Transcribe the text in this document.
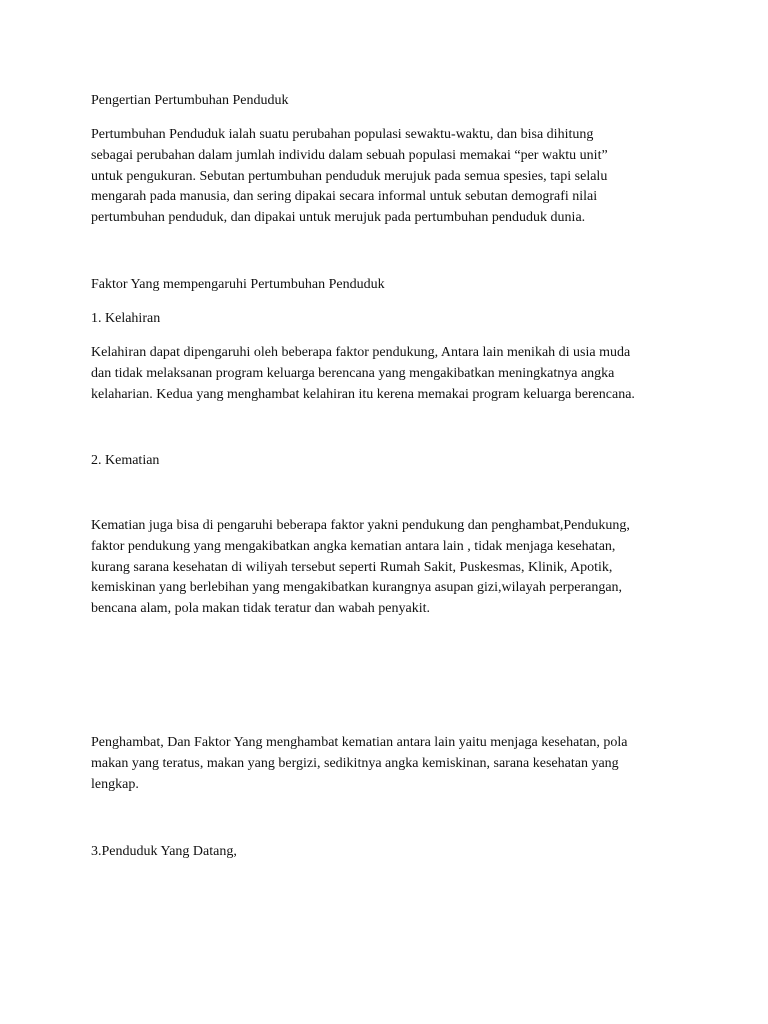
Pengertian Pertumbuhan Penduduk

Pertumbuhan Penduduk ialah suatu perubahan populasi sewaktu-waktu, dan bisa dihitung
sebagai perubahan dalam jumlah individu dalam sebuah populasi memakai “per waktu unit”
untuk pengukuran. Sebutan pertumbuhan penduduk merujuk pada semua spesies, tapi selalu
mengarah pada manusia, dan sering dipakai secara informal untuk sebutan demografi nilai
pertumbuhan penduduk, dan dipakai untuk merujuk pada pertumbuhan penduduk dunia.

Faktor Yang mempengaruhi Pertumbuhan Penduduk

1. Kelahiran

Kelahiran dapat dipengaruhi oleh beberapa faktor pendukung, Antara lain menikah di usia muda
dan tidak melaksanan program keluarga berencana yang mengakibatkan meningkatnya angka
kelaharian. Kedua yang menghambat kelahiran itu kerena memakai program keluarga berencana.

2. Kematian

Kematian juga bisa di pengaruhi beberapa faktor yakni pendukung dan penghambat,Pendukung,
faktor pendukung yang mengakibatkan angka kematian antara lain , tidak menjaga kesehatan,
kurang sarana kesehatan di wiliyah tersebut seperti Rumah Sakit, Puskesmas, Klinik, Apotik,
kemiskinan yang berlebihan yang mengakibatkan kurangnya asupan gizi,wilayah perperangan,
bencana alam, pola makan tidak teratur dan wabah penyakit.

Penghambat, Dan Faktor Yang menghambat kematian antara lain yaitu menjaga kesehatan, pola
makan yang teratus, makan yang bergizi, sedikitnya angka kemiskinan, sarana kesehatan yang
lengkap.

3.Penduduk Yang Datang,
